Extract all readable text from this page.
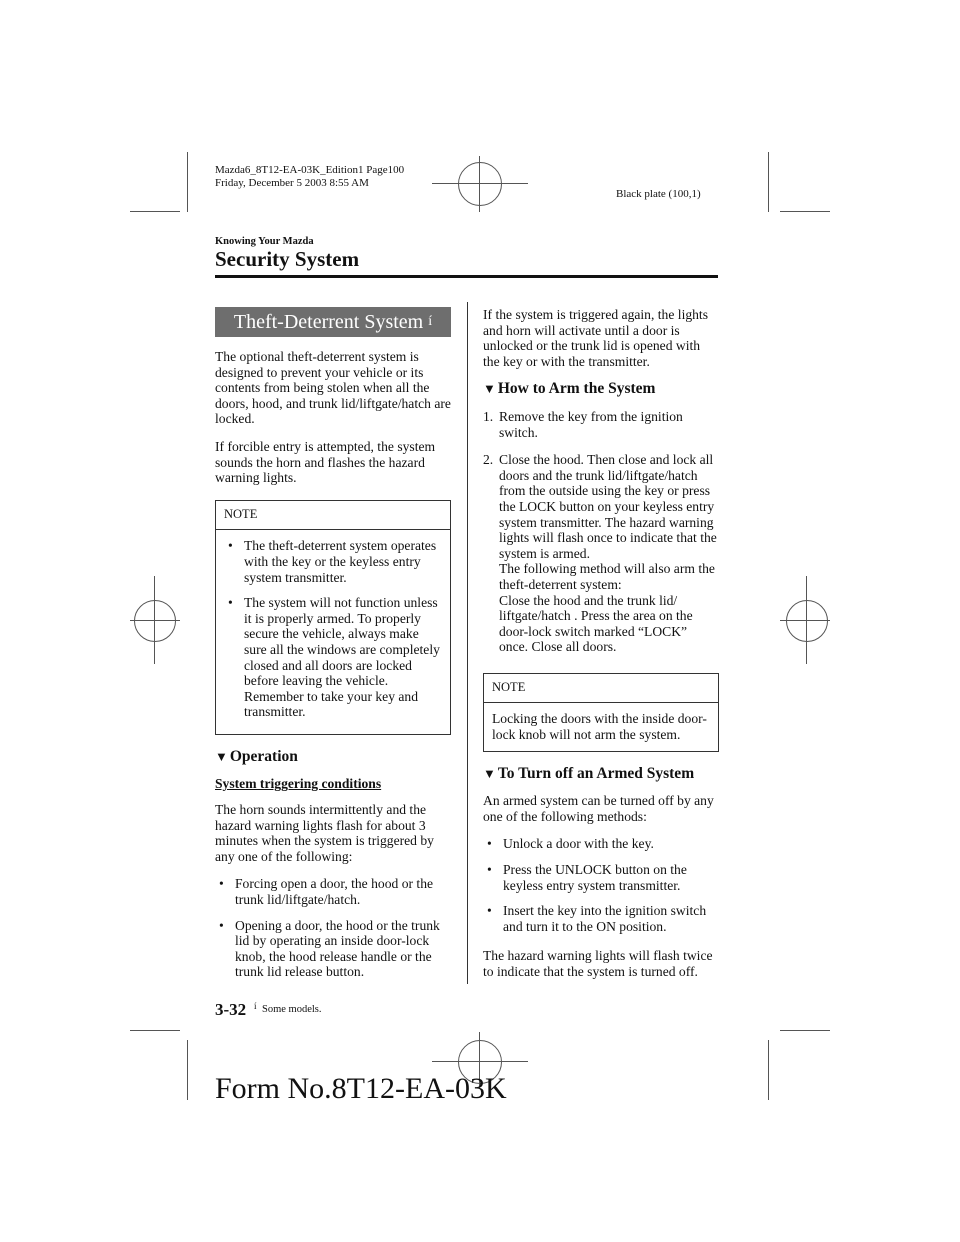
Mazda6_8T12-EA-03K_Edition1 Page100
Friday, December 5 2003 8:55 AM
Black plate (100,1)
Knowing Your Mazda
Security System
Theft-Deterrent System $^í$

The optional theft-deterrent system is designed to prevent your vehicle or its contents from being stolen when all the doors, hood, and trunk lid/liftgate/hatch are locked.

If forcible entry is attempted, the system sounds the horn and flashes the hazard warning lights.

NOTE
• The theft-deterrent system operates with the key or the keyless entry system transmitter.
• The system will not function unless it is properly armed. To properly secure the vehicle, always make sure all the windows are completely closed and all doors are locked before leaving the vehicle. Remember to take your key and transmitter.
▼ Operation
System triggering conditions

The horn sounds intermittently and the hazard warning lights flash for about 3 minutes when the system is triggered by any one of the following:

• Forcing open a door, the hood or the trunk lid/liftgate/hatch.
• Opening a door, the hood or the trunk lid by operating an inside door-lock knob, the hood release handle or the trunk lid release button.

If the system is triggered again, the lights and horn will activate until a door is unlocked or the trunk lid is opened with the key or with the transmitter.

▼ How to Arm the System
1. Remove the key from the ignition switch.
2. Close the hood. Then close and lock all doors and the trunk lid/liftgate/hatch from the outside using the key or press the LOCK button on your keyless entry system transmitter. The hazard warning lights will flash once to indicate that the system is armed.
The following method will also arm the theft-deterrent system:
Close the hood and the trunk lid/ liftgate/hatch . Press the area on the door-lock switch marked “LOCK” once. Close all doors.
NOTE
Locking the doors with the inside door-lock knob will not arm the system.
▼ To Turn off an Armed System

An armed system can be turned off by any one of the following methods:

• Unlock a door with the key.
• Press the UNLOCK button on the keyless entry system transmitter.
• Insert the key into the ignition switch and turn it to the ON position.

The hazard warning lights will flash twice to indicate that the system is turned off.

3-32 í Some models.
Form No.8T12-EA-03K
